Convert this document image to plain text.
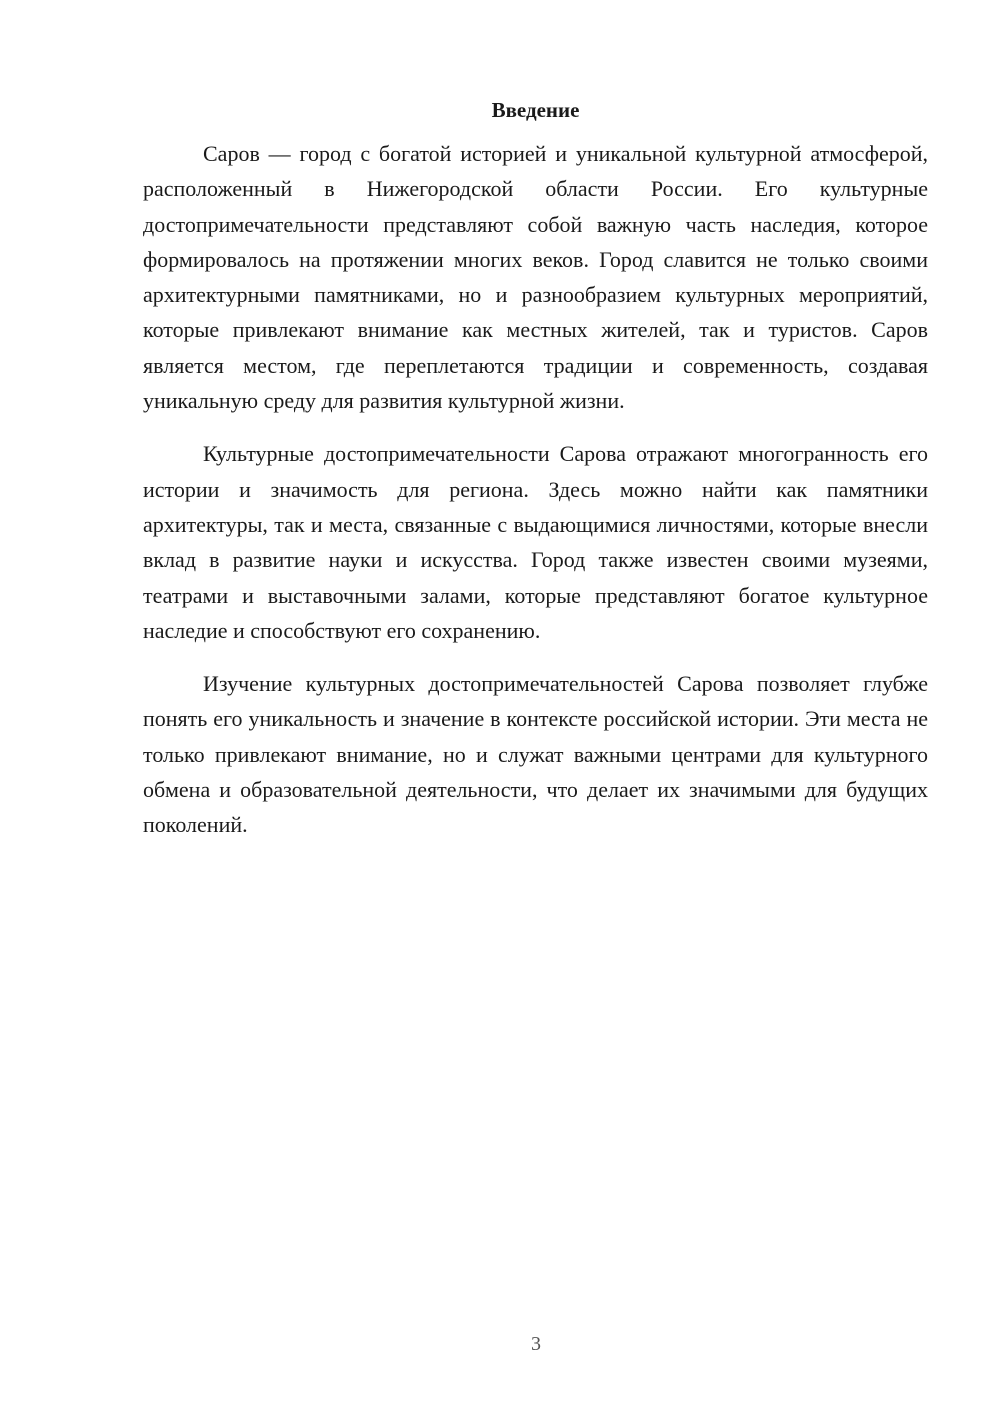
Введение

Саров — город с богатой историей и уникальной культурной атмосферой, расположенный в Нижегородской области России. Его культурные достопримечательности представляют собой важную часть наследия, которое формировалось на протяжении многих веков. Город славится не только своими архитектурными памятниками, но и разнообразием культурных мероприятий, которые привлекают внимание как местных жителей, так и туристов. Саров является местом, где переплетаются традиции и современность, создавая уникальную среду для развития культурной жизни.

Культурные достопримечательности Сарова отражают многогранность его истории и значимость для региона. Здесь можно найти как памятники архитектуры, так и места, связанные с выдающимися личностями, которые внесли вклад в развитие науки и искусства. Город также известен своими музеями, театрами и выставочными залами, которые представляют богатое культурное наследие и способствуют его сохранению.

Изучение культурных достопримечательностей Сарова позволяет глубже понять его уникальность и значение в контексте российской истории. Эти места не только привлекают внимание, но и служат важными центрами для культурного обмена и образовательной деятельности, что делает их значимыми для будущих поколений.

3
